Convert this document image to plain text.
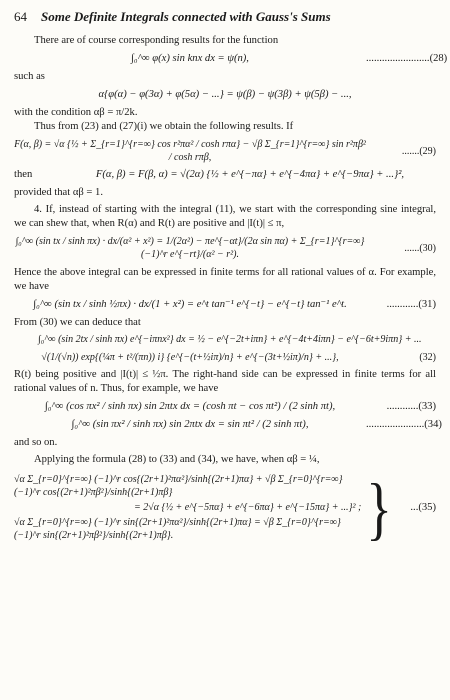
64 Some Definite Integrals connected with Gauss's Sums

There are of course corresponding results for the function

∫₀^∞ φ(x) sin knx dx = ψ(n),	........................(28)

such as

α{φ(α) − φ(3α) + φ(5α) − ...} = ψ(β) − ψ(3β) + ψ(5β) − ...,

with the condition αβ = π/2k.

Thus from (23) and (27)(i) we obtain the following results. If

F(α, β) = √α {½ + Σ_{r=1}^{r=∞} cos r²πα² / cosh rπα} − √β Σ_{r=1}^{r=∞} sin r²πβ² / cosh rπβ,
.......(29)
then	F(α, β) = F(β, α) = √(2α) {½ + e^{−πα} + e^{−4πα} + e^{−9πα} + ...}²,

provided that αβ = 1.

4. If, instead of starting with the integral (11), we start with the corresponding sine integral, we can shew that, when R(α) and R(t) are positive and |I(t)| ≤ π,

∫₀^∞ (sin tx / sinh πx) · dx/(α² + x²) = 1/(2α²) − πe^{−αt}/(2α sin πα) + Σ_{r=1}^{r=∞} (−1)^r e^{−rt}/(α² − r²).
......(30)

Hence the above integral can be expressed in finite terms for all rational values of α. For example, we have

∫₀^∞ (sin tx / sinh ½πx) · dx/(1 + x²) = e^t tan⁻¹ e^{−t} − e^{−t} tan⁻¹ e^t.	............(31)

From (30) we can deduce that

∫₀^∞ (sin 2tx / sinh πx) e^{−iπnx²} dx = ½ − e^{−2t+iπn} + e^{−4t+4iπn} − e^{−6t+9iπn} + ...
√(1/(√n)) exp{(¼π + t²/(πn)) i} {e^{−(t+½iπ)/n} + e^{−(3t+½iπ)/n} + ...},	(32)

R(t) being positive and |I(t)| ≤ ½π. The right-hand side can be expressed in finite terms for all rational values of n. Thus, for example, we have

∫₀^∞ (cos πx² / sinh πx) sin 2πtx dx = (cosh πt − cos πt²) / (2 sinh πt),	............(33)
∫₀^∞ (sin πx² / sinh πx) sin 2πtx dx = sin πt² / (2 sinh πt),	......................(34)

and so on.

Applying the formula (28) to (33) and (34), we have, when αβ = ¼,

√α Σ_{r=0}^{r=∞} (−1)^r cos{(2r+1)²πα²}/sinh{(2r+1)πα} + √β Σ_{r=0}^{r=∞} (−1)^r cos{(2r+1)²πβ²}/sinh{(2r+1)πβ}
= 2√α {½ + e^{−5πα} + e^{−6πα} + e^{−15πα} + ...}² ;
√α Σ_{r=0}^{r=∞} (−1)^r sin{(2r+1)²πα²}/sinh{(2r+1)πα} = √β Σ_{r=0}^{r=∞} (−1)^r sin{(2r+1)²πβ²}/sinh{(2r+1)πβ}.	}	...(35)
